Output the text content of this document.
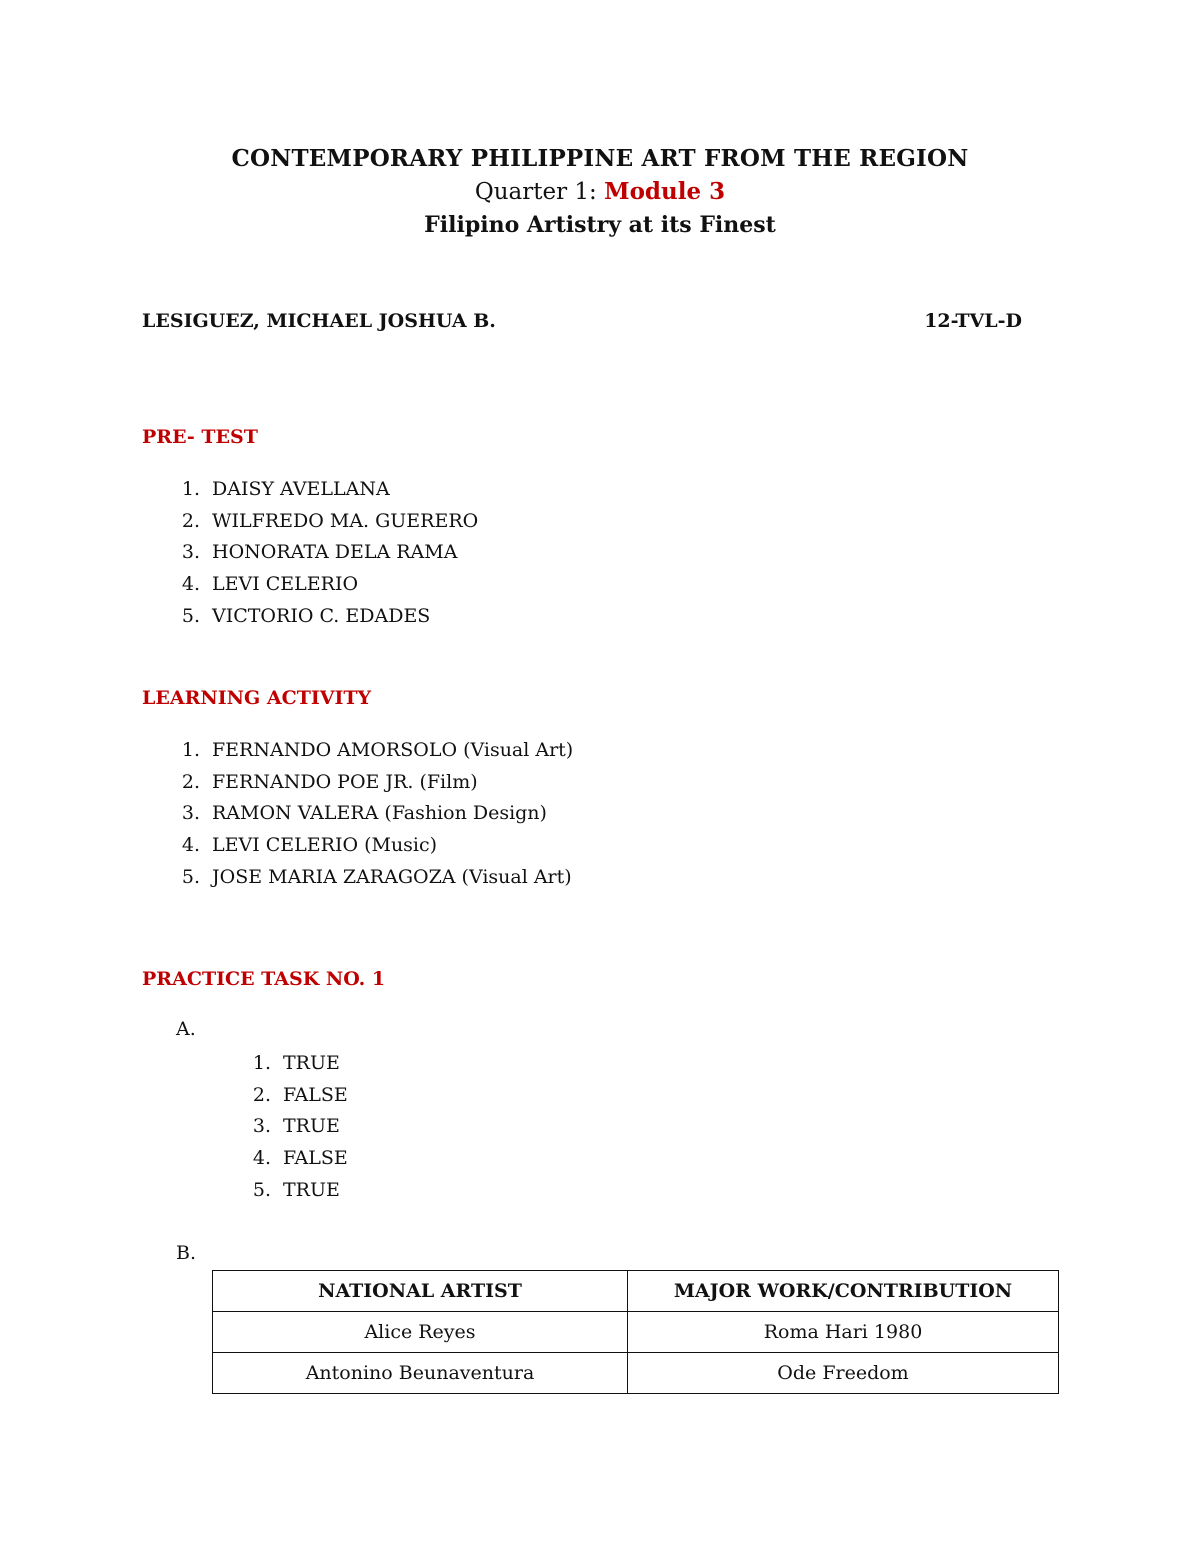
CONTEMPORARY PHILIPPINE ART FROM THE REGION
Quarter 1: Module 3
Filipino Artistry at its Finest
LESIGUEZ, MICHAEL JOSHUA B.	12-TVL-D
PRE- TEST
1. DAISY AVELLANA
2. WILFREDO MA. GUERERO
3. HONORATA DELA RAMA
4. LEVI CELERIO
5. VICTORIO C. EDADES
LEARNING ACTIVITY
1. FERNANDO AMORSOLO (Visual Art)
2. FERNANDO POE JR. (Film)
3. RAMON VALERA (Fashion Design)
4. LEVI CELERIO (Music)
5. JOSE MARIA ZARAGOZA (Visual Art)
PRACTICE TASK NO. 1
A.
1. TRUE
2. FALSE
3. TRUE
4. FALSE
5. TRUE
B.
NATIONAL ARTIST	MAJOR WORK/CONTRIBUTION
Alice Reyes	Roma Hari 1980
Antonino Beunaventura	Ode Freedom
